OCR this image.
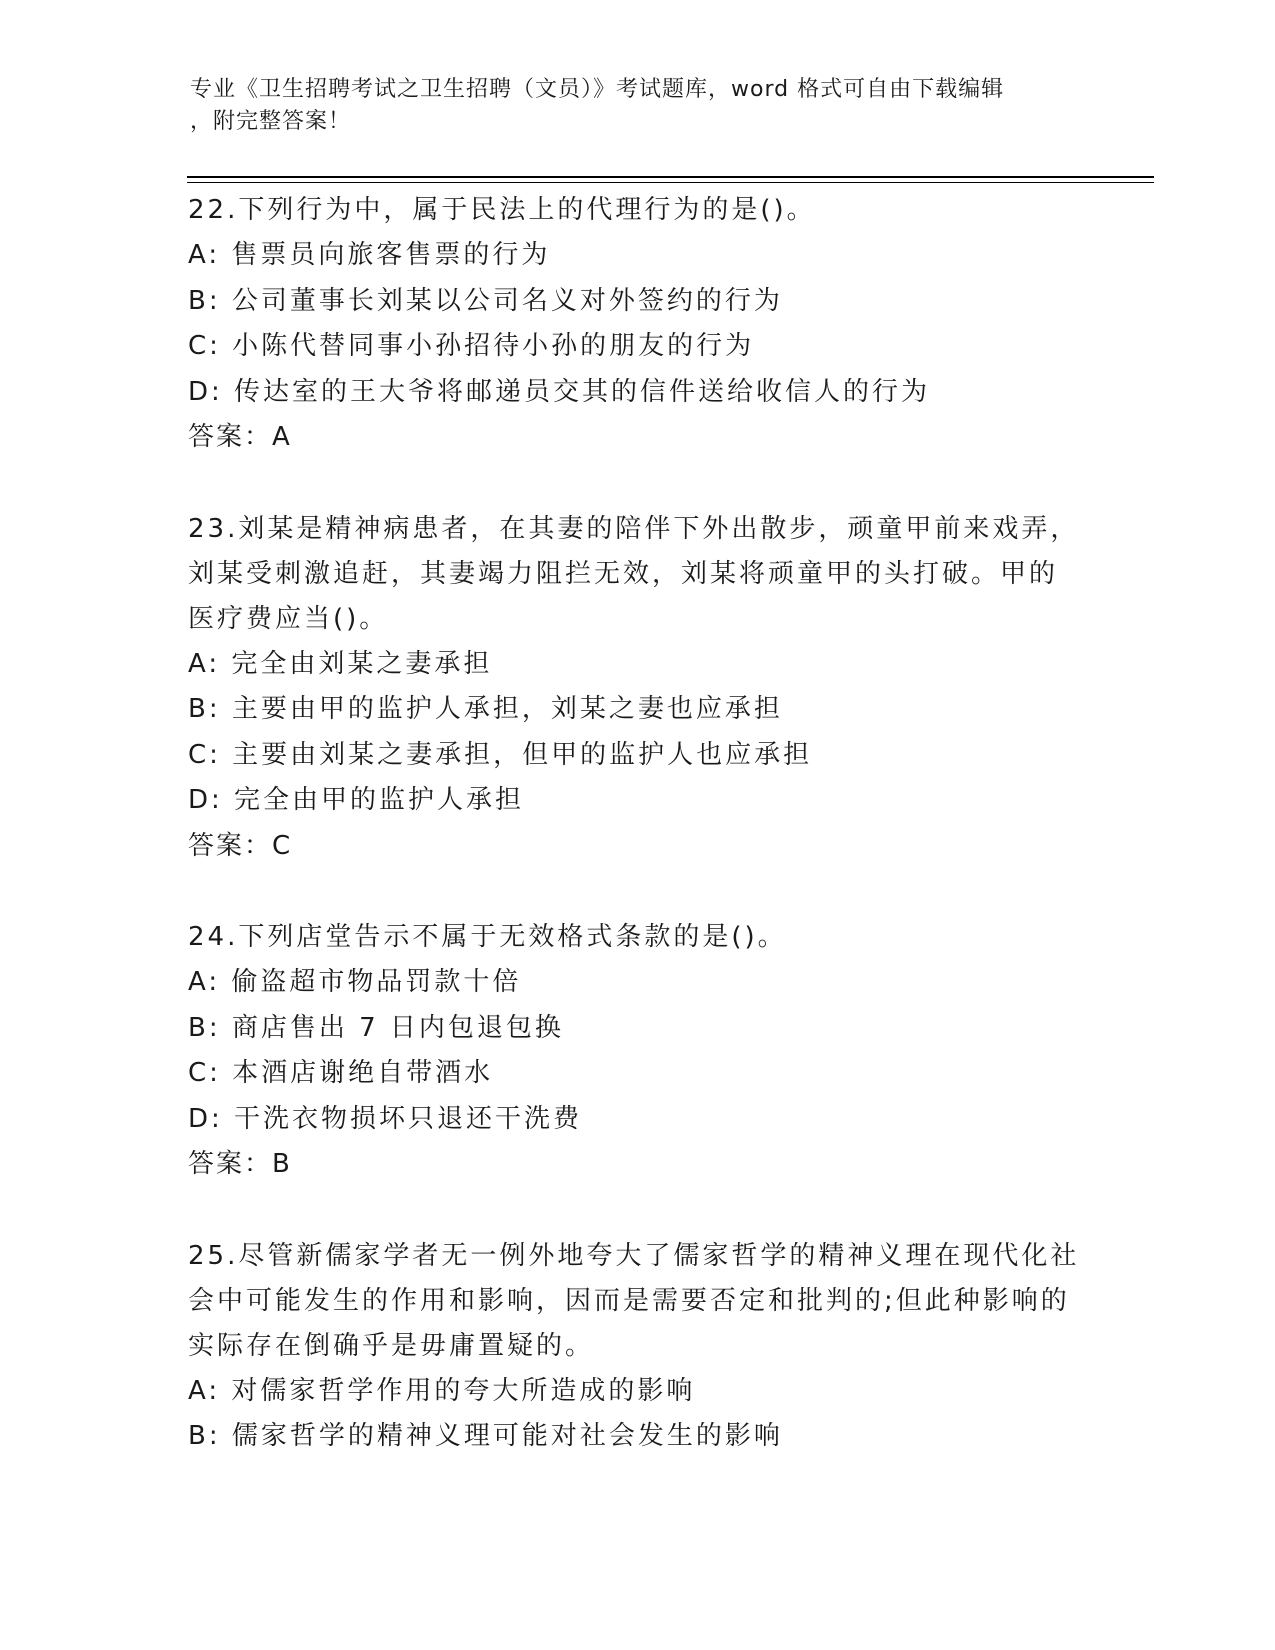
专业《卫生招聘考试之卫生招聘（文员）》考试题库，word 格式可自由下载编辑
，附完整答案！
22.下列行为中，属于民法上的代理行为的是()。
A: 售票员向旅客售票的行为
B: 公司董事长刘某以公司名义对外签约的行为
C: 小陈代替同事小孙招待小孙的朋友的行为
D: 传达室的王大爷将邮递员交其的信件送给收信人的行为
答案：A
23.刘某是精神病患者，在其妻的陪伴下外出散步，顽童甲前来戏弄，
刘某受刺激追赶，其妻竭力阻拦无效，刘某将顽童甲的头打破。甲的
医疗费应当()。
A: 完全由刘某之妻承担
B: 主要由甲的监护人承担，刘某之妻也应承担
C: 主要由刘某之妻承担，但甲的监护人也应承担
D: 完全由甲的监护人承担
答案：C
24.下列店堂告示不属于无效格式条款的是()。
A: 偷盗超市物品罚款十倍
B: 商店售出 7 日内包退包换
C: 本酒店谢绝自带酒水
D: 干洗衣物损坏只退还干洗费
答案：B
25.尽管新儒家学者无一例外地夸大了儒家哲学的精神义理在现代化社
会中可能发生的作用和影响，因而是需要否定和批判的;但此种影响的
实际存在倒确乎是毋庸置疑的。
A: 对儒家哲学作用的夸大所造成的影响
B: 儒家哲学的精神义理可能对社会发生的影响
